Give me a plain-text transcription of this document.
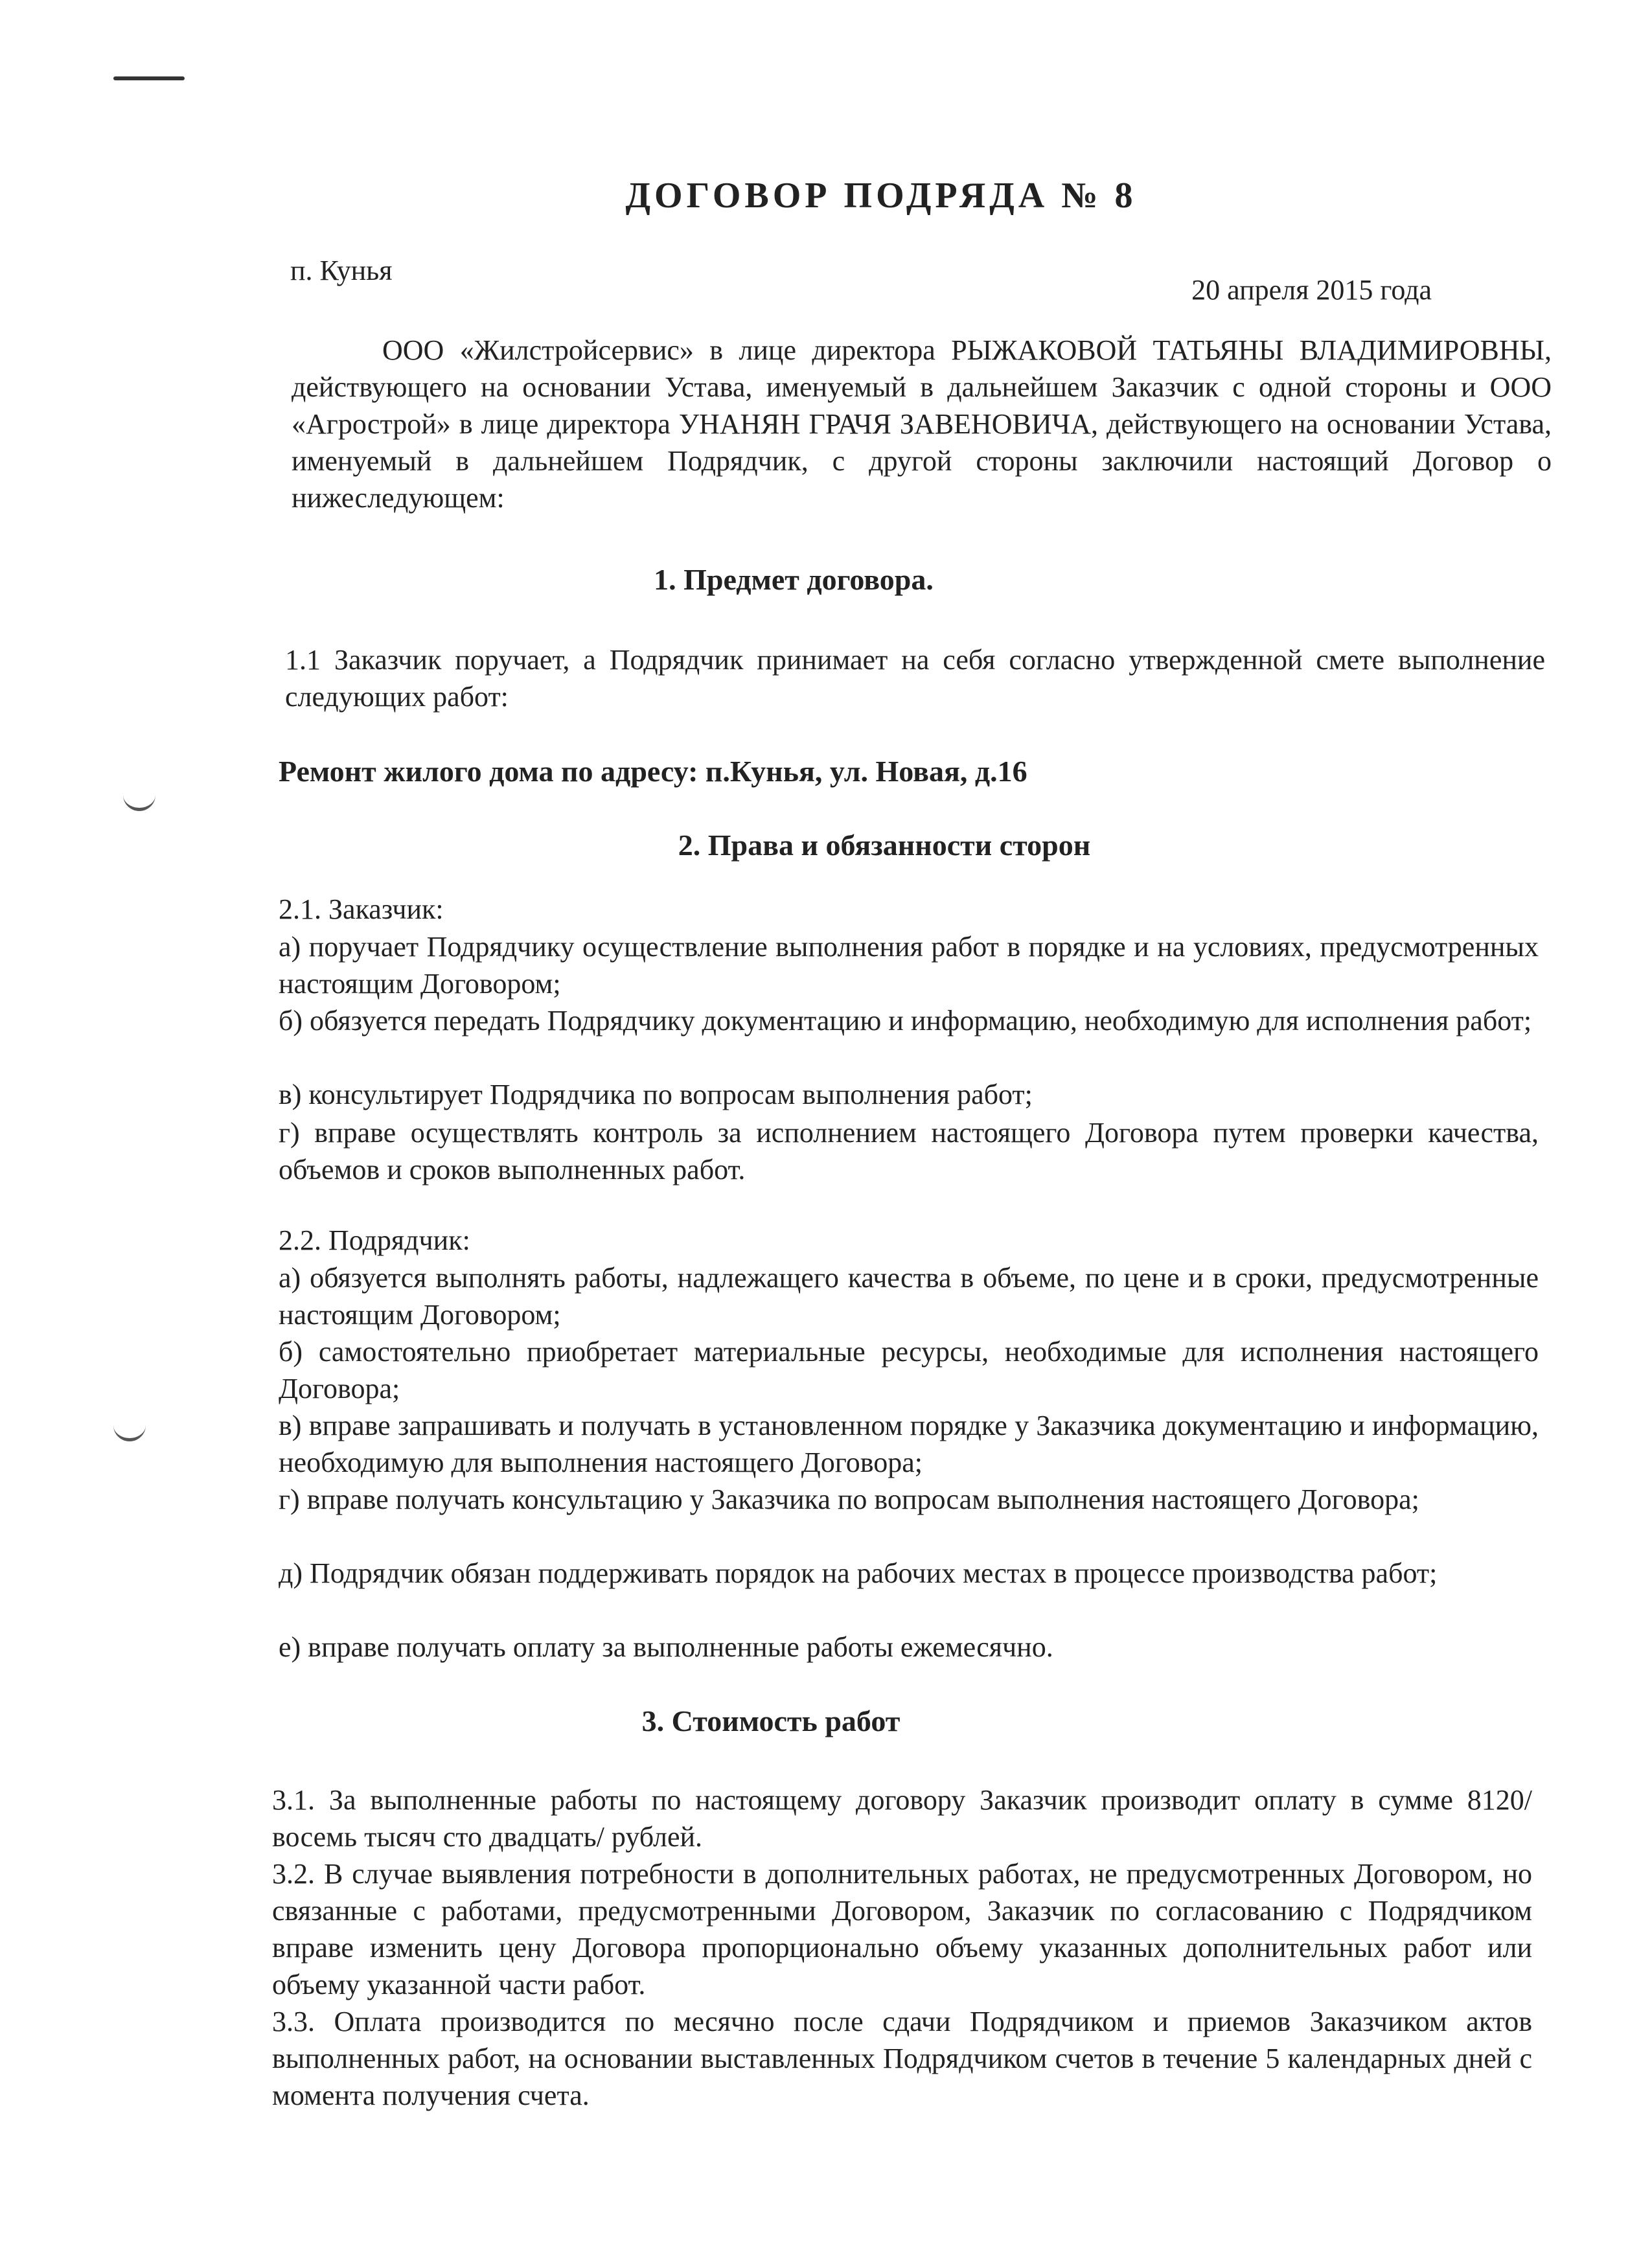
ДОГОВОР ПОДРЯДА № 8
п. Кунья
20 апреля 2015 года
ООО «Жилстройсервис» в лице директора РЫЖАКОВОЙ ТАТЬЯНЫ ВЛАДИМИРОВНЫ, действующего на основании Устава, именуемый в дальнейшем Заказчик с одной стороны и ООО «Агрострой» в лице директора УНАНЯН ГРАЧЯ ЗАВЕНОВИЧА, действующего на основании Устава, именуемый в дальнейшем Подрядчик, с другой стороны заключили настоящий Договор о нижеследующем:
1. Предмет договора.
1.1 Заказчик поручает, а Подрядчик принимает на себя согласно утвержденной смете выполнение следующих работ:
Ремонт жилого дома по адресу: п.Кунья, ул. Новая, д.16
2. Права и обязанности сторон
2.1. Заказчик:
а) поручает Подрядчику осуществление выполнения работ в порядке и на условиях, предусмотренных настоящим Договором;
б) обязуется передать Подрядчику документацию и информацию, необходимую для исполнения работ;
в) консультирует Подрядчика по вопросам выполнения работ;
г) вправе осуществлять контроль за исполнением настоящего Договора путем проверки качества, объемов и сроков выполненных работ.
2.2. Подрядчик:
а) обязуется выполнять работы, надлежащего качества в объеме, по цене и в сроки, предусмотренные настоящим Договором;
б) самостоятельно приобретает материальные ресурсы, необходимые для исполнения настоящего Договора;
в) вправе запрашивать и получать в установленном порядке у Заказчика документацию и информацию, необходимую для выполнения настоящего Договора;
г) вправе получать консультацию у Заказчика по вопросам выполнения настоящего Договора;
д) Подрядчик обязан поддерживать порядок на рабочих местах в процессе производства работ;
е) вправе получать оплату за выполненные работы ежемесячно.
3. Стоимость работ
3.1. За выполненные работы по настоящему договору Заказчик производит оплату в сумме 8120/ восемь тысяч сто двадцать/ рублей.
3.2. В случае выявления потребности в дополнительных работах, не предусмотренных Договором, но связанные с работами, предусмотренными Договором, Заказчик по согласованию с Подрядчиком вправе изменить цену Договора пропорционально объему указанных дополнительных работ или объему указанной части работ.
3.3. Оплата производится по месячно после сдачи Подрядчиком и приемов Заказчиком актов выполненных работ, на основании выставленных Подрядчиком счетов в течение 5 календарных дней с момента получения счета.
